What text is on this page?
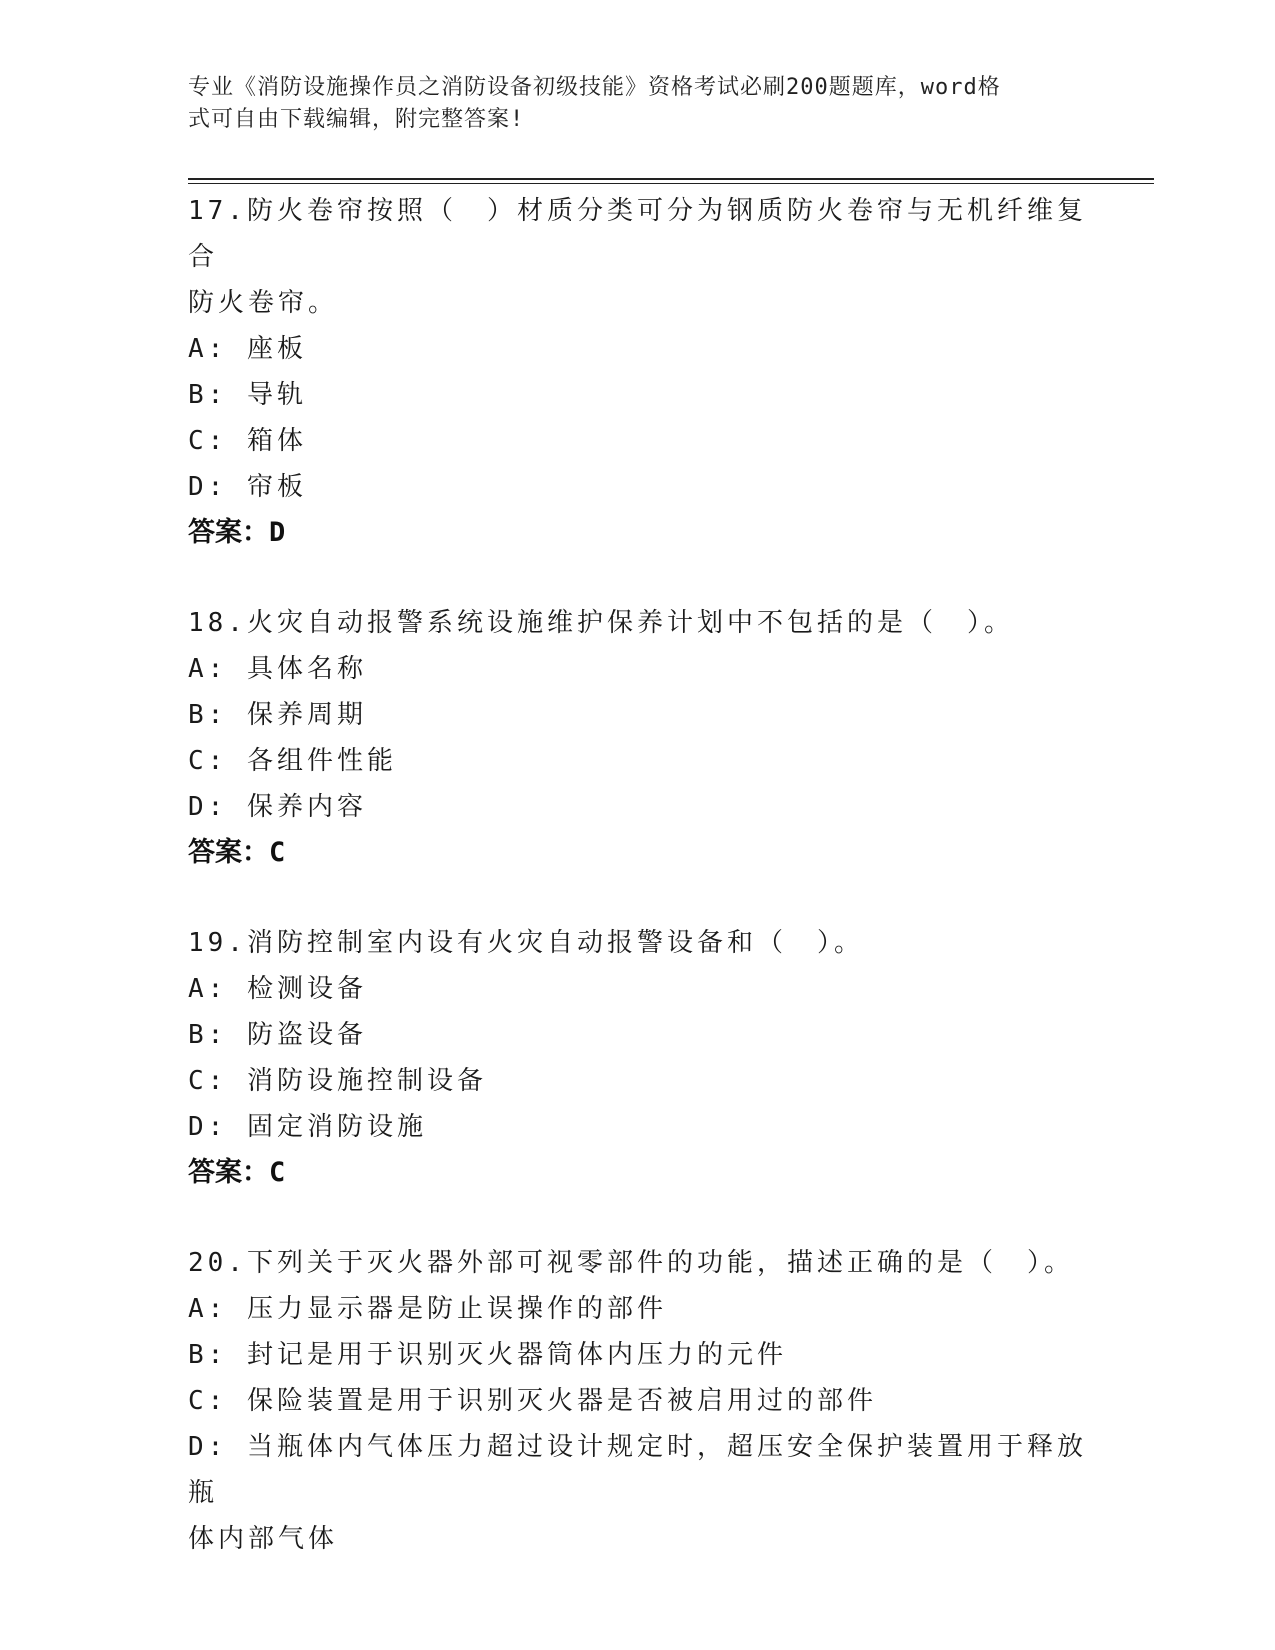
专业《消防设施操作员之消防设备初级技能》资格考试必刷200题题库，word格
式可自由下载编辑，附完整答案!
17.防火卷帘按照（　）材质分类可分为钢质防火卷帘与无机纤维复合
防火卷帘。
A: 座板
B: 导轨
C: 箱体
D: 帘板
答案：D
18.火灾自动报警系统设施维护保养计划中不包括的是（　）。
A: 具体名称
B: 保养周期
C: 各组件性能
D: 保养内容
答案：C
19.消防控制室内设有火灾自动报警设备和（　）。
A: 检测设备
B: 防盗设备
C: 消防设施控制设备
D: 固定消防设施
答案：C
20.下列关于灭火器外部可视零部件的功能，描述正确的是（　）。
A: 压力显示器是防止误操作的部件
B: 封记是用于识别灭火器筒体内压力的元件
C: 保险装置是用于识别灭火器是否被启用过的部件
D: 当瓶体内气体压力超过设计规定时，超压安全保护装置用于释放瓶
体内部气体
